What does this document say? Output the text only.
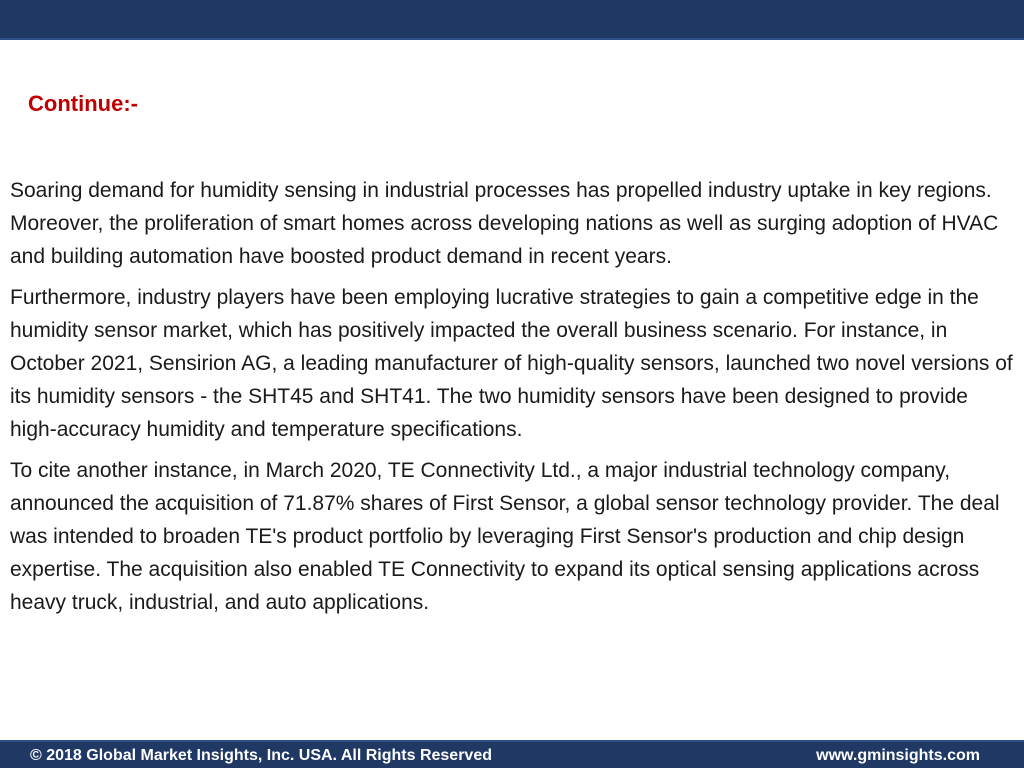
Continue:-

Soaring demand for humidity sensing in industrial processes has propelled industry uptake in key regions. Moreover, the proliferation of smart homes across developing nations as well as surging adoption of HVAC and building automation have boosted product demand in recent years.

Furthermore, industry players have been employing lucrative strategies to gain a competitive edge in the humidity sensor market, which has positively impacted the overall business scenario. For instance, in October 2021, Sensirion AG, a leading manufacturer of high-quality sensors, launched two novel versions of its humidity sensors - the SHT45 and SHT41. The two humidity sensors have been designed to provide high-accuracy humidity and temperature specifications.

To cite another instance, in March 2020, TE Connectivity Ltd., a major industrial technology company, announced the acquisition of 71.87% shares of First Sensor, a global sensor technology provider. The deal was intended to broaden TE's product portfolio by leveraging First Sensor's production and chip design expertise. The acquisition also enabled TE Connectivity to expand its optical sensing applications across heavy truck, industrial, and auto applications.

© 2018 Global Market Insights, Inc. USA. All Rights Reserved	www.gminsights.com
